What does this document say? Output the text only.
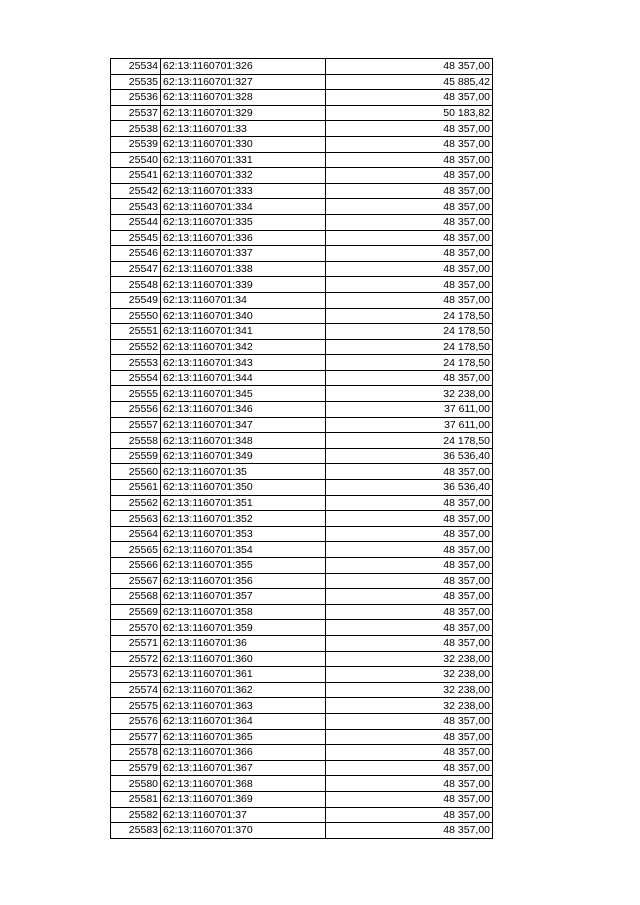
25534	62:13:1160701:326	48 357,00
25535	62:13:1160701:327	45 885,42
25536	62:13:1160701:328	48 357,00
25537	62:13:1160701:329	50 183,82
25538	62:13:1160701:33	48 357,00
25539	62:13:1160701:330	48 357,00
25540	62:13:1160701:331	48 357,00
25541	62:13:1160701:332	48 357,00
25542	62:13:1160701:333	48 357,00
25543	62:13:1160701:334	48 357,00
25544	62:13:1160701:335	48 357,00
25545	62:13:1160701:336	48 357,00
25546	62:13:1160701:337	48 357,00
25547	62:13:1160701:338	48 357,00
25548	62:13:1160701:339	48 357,00
25549	62:13:1160701:34	48 357,00
25550	62:13:1160701:340	24 178,50
25551	62:13:1160701:341	24 178,50
25552	62:13:1160701:342	24 178,50
25553	62:13:1160701:343	24 178,50
25554	62:13:1160701:344	48 357,00
25555	62:13:1160701:345	32 238,00
25556	62:13:1160701:346	37 611,00
25557	62:13:1160701:347	37 611,00
25558	62:13:1160701:348	24 178,50
25559	62:13:1160701:349	36 536,40
25560	62:13:1160701:35	48 357,00
25561	62:13:1160701:350	36 536,40
25562	62:13:1160701:351	48 357,00
25563	62:13:1160701:352	48 357,00
25564	62:13:1160701:353	48 357,00
25565	62:13:1160701:354	48 357,00
25566	62:13:1160701:355	48 357,00
25567	62:13:1160701:356	48 357,00
25568	62:13:1160701:357	48 357,00
25569	62:13:1160701:358	48 357,00
25570	62:13:1160701:359	48 357,00
25571	62:13:1160701:36	48 357,00
25572	62:13:1160701:360	32 238,00
25573	62:13:1160701:361	32 238,00
25574	62:13:1160701:362	32 238,00
25575	62:13:1160701:363	32 238,00
25576	62:13:1160701:364	48 357,00
25577	62:13:1160701:365	48 357,00
25578	62:13:1160701:366	48 357,00
25579	62:13:1160701:367	48 357,00
25580	62:13:1160701:368	48 357,00
25581	62:13:1160701:369	48 357,00
25582	62:13:1160701:37	48 357,00
25583	62:13:1160701:370	48 357,00
